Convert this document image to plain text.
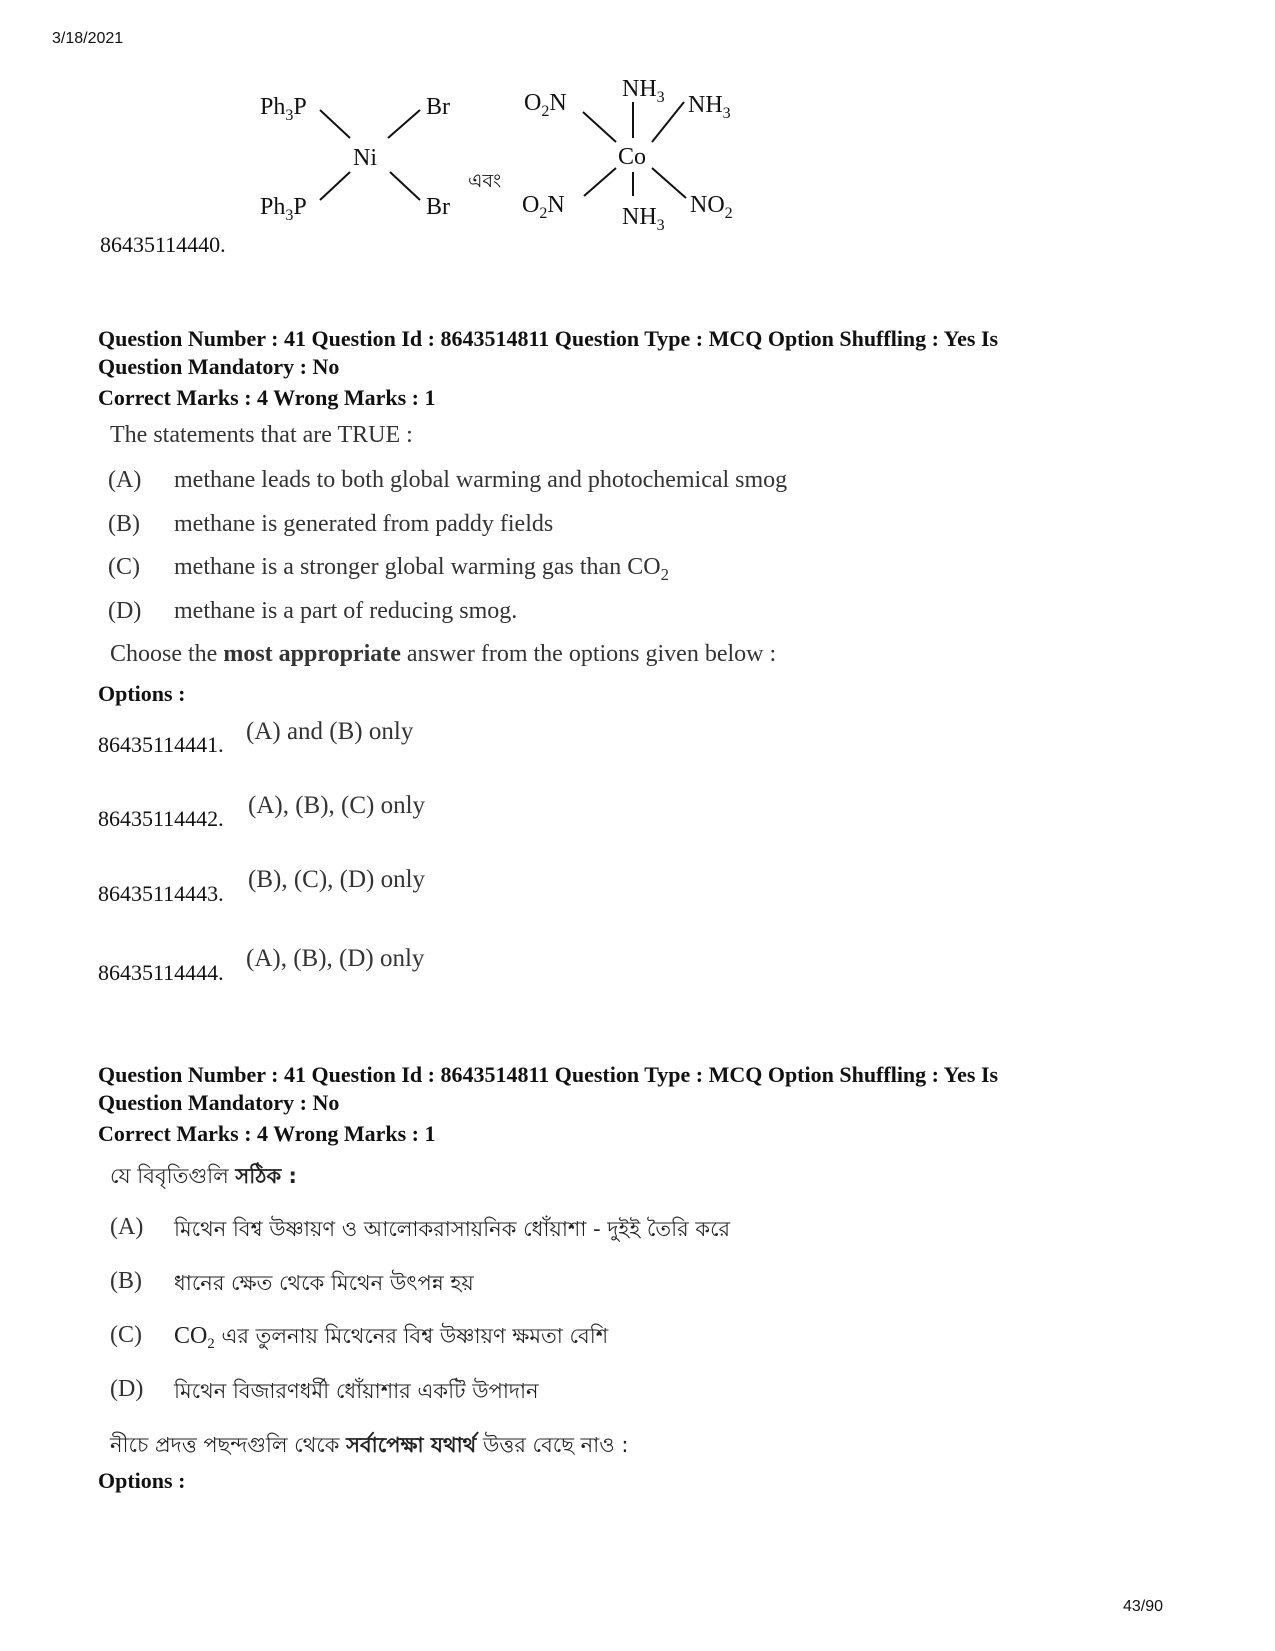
3/18/2021
43/90
86435114440.
$Ph_3P$
$Ph_3P$
Ni
Br
Br
এবং
$NH_3$ $NH_3$
$O_2N$
Co
$O_2N$ $NH_3$
$NO_2$
Question Number : 41 Question Id : 8643514811 Question Type : MCQ Option Shuffling : Yes Is
Question Mandatory : No
Correct Marks : 4 Wrong Marks : 1
The statements that are TRUE :
(A) methane leads to both global warming and photochemical smog
(B) methane is generated from paddy fields
(C) methane is a stronger global warming gas than $CO_2$
(D) methane is a part of reducing smog.
Choose the most appropriate answer from the options given below :
Options :
86435114441. (A) and (B) only
86435114442. (A), (B), (C) only
86435114443.
(B), (C), (D) only
86435114444.
(A), (B), (D) only
Question Number : 41 Question Id : 8643514811 Question Type : MCQ Option Shuffling : Yes Is
Question Mandatory : No
Correct Marks : 4 Wrong Marks : 1
যে বিবৃতিগুলি সঠিক :
(A) মিথেন বিশ্ব উষ্ণায়ণ ও আলোকরাসায়নিক ধোঁয়াশা - দুইই তৈরি করে
(B) ধানের ক্ষেত থেকে মিথেন উৎপন্ন হয়
(C) $CO_2$ এর তুলনায় মিথেনের বিশ্ব উষ্ণায়ণ ক্ষমতা বেশি
(D) মিথেন বিজারণধর্মী ধোঁয়াশার একটি উপাদান
নীচে প্রদত্ত পছন্দগুলি থেকে সর্বাপেক্ষা যথার্থ উত্তর বেছে নাও :
Options :
